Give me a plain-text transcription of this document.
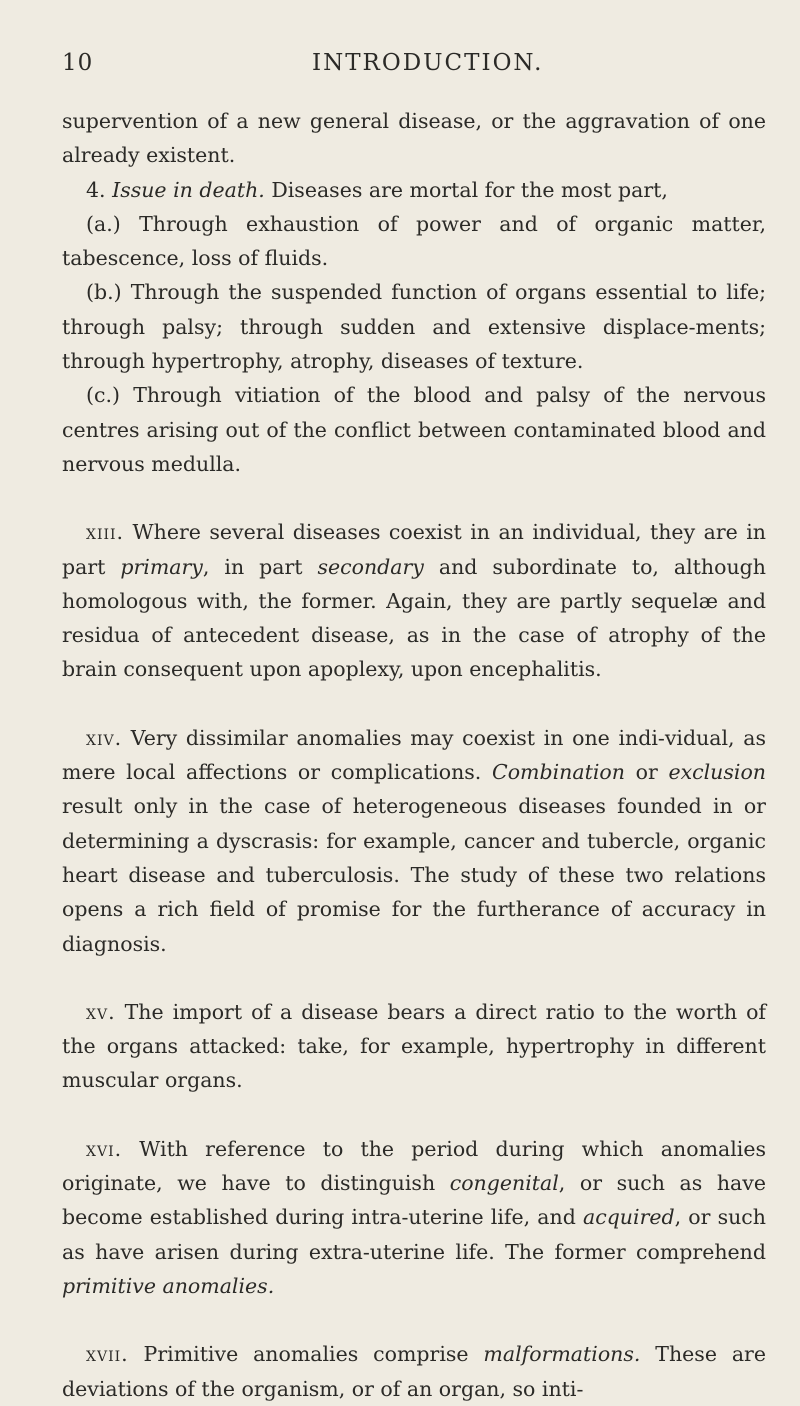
10	INTRODUCTION.

supervention of a new general disease, or the aggravation of one already existent.

4. Issue in death. Diseases are mortal for the most part,

(a.) Through exhaustion of power and of organic matter, tabescence, loss of fluids.

(b.) Through the suspended function of organs essential to life; through palsy; through sudden and extensive displace-ments; through hypertrophy, atrophy, diseases of texture.

(c.) Through vitiation of the blood and palsy of the nervous centres arising out of the conflict between contaminated blood and nervous medulla.

xiii. Where several diseases coexist in an individual, they are in part primary, in part secondary and subordinate to, although homologous with, the former. Again, they are partly sequelæ and residua of antecedent disease, as in the case of atrophy of the brain consequent upon apoplexy, upon encephalitis.

xiv. Very dissimilar anomalies may coexist in one indi-vidual, as mere local affections or complications. Combination or exclusion result only in the case of heterogeneous diseases founded in or determining a dyscrasis: for example, cancer and tubercle, organic heart disease and tuberculosis. The study of these two relations opens a rich field of promise for the furtherance of accuracy in diagnosis.

xv. The import of a disease bears a direct ratio to the worth of the organs attacked: take, for example, hypertrophy in different muscular organs.

xvi. With reference to the period during which anomalies originate, we have to distinguish congenital, or such as have become established during intra-uterine life, and acquired, or such as have arisen during extra-uterine life. The former comprehend primitive anomalies.

xvii. Primitive anomalies comprise malformations. These are deviations of the organism, or of an organ, so inti-
